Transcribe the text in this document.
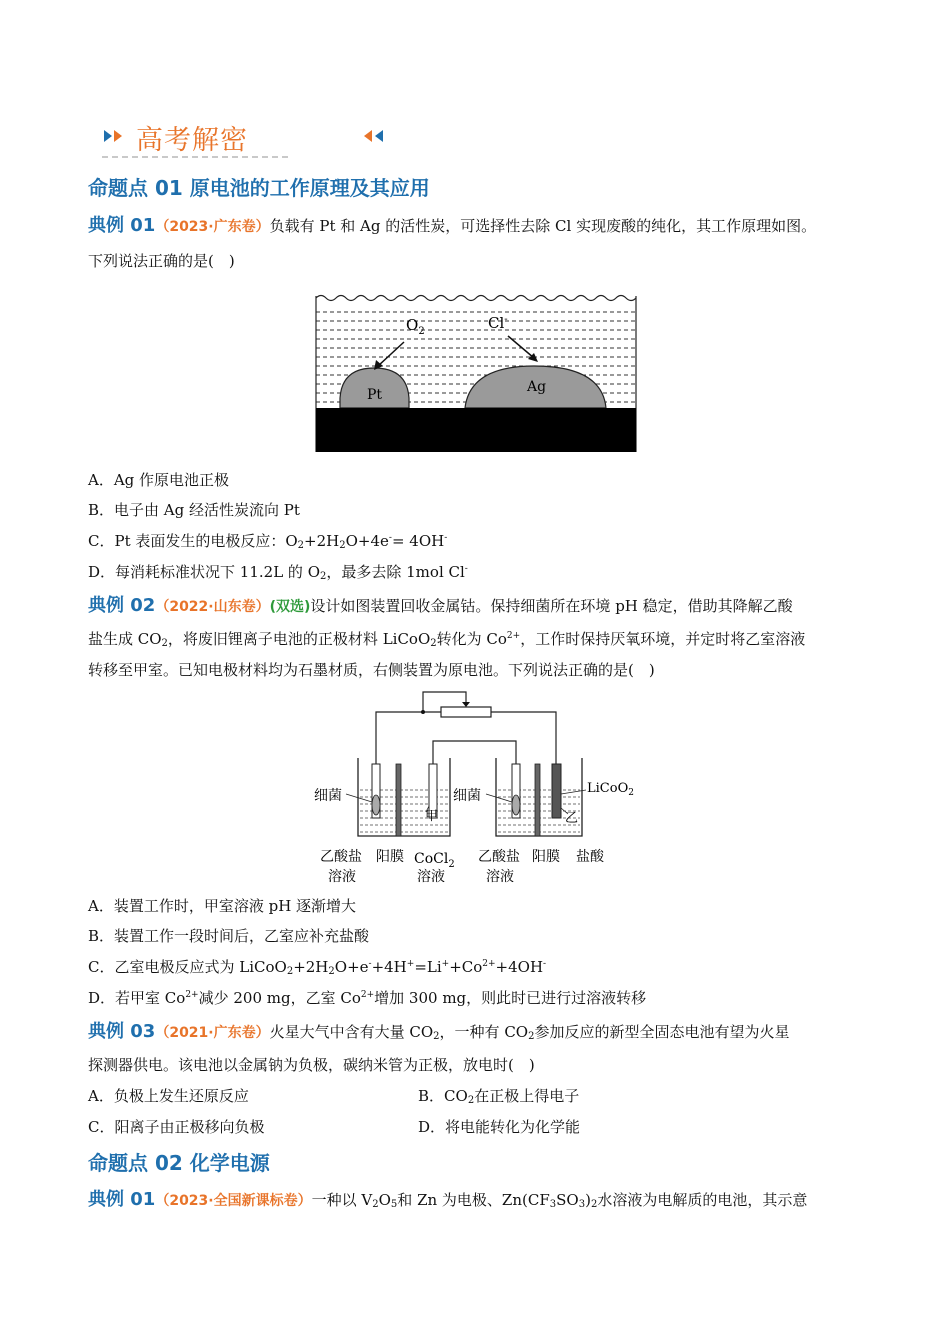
高考解密
命题点 01 原电池的工作原理及其应用
典例 01（2023·广东卷）负载有 Pt 和 Ag 的活性炭，可选择性去除 Cl 实现废酸的纯化，其工作原理如图。
下列说法正确的是(　)
$O_2$	Cl-
Pt	Ag
A．Ag 作原电池正极
B．电子由 Ag 经活性炭流向 Pt
C．Pt 表面发生的电极反应：$O_2+2H_2O+4e^-= 4OH^-$
D．每消耗标准状况下 11.2L 的 $O_2$，最多去除 1mol Cl-
典例 02（2022·山东卷）(双选)设计如图装置回收金属钴。保持细菌所在环境 pH 稳定，借助其降解乙酸
盐生成 $CO_2$，将废旧锂离子电池的正极材料 LiCoO$_2$转化为 $Co^{2+}$，工作时保持厌氧环境，并定时将乙室溶液
转移至甲室。已知电极材料均为石墨材质，右侧装置为原电池。下列说法正确的是(　)
细菌	细菌
甲	乙
LiCoO$_2$
乙酸盐
溶液
阳膜 CoCl$_2$
溶液
乙酸盐
溶液
阳膜 盐酸
A．装置工作时，甲室溶液 pH 逐渐增大
B．装置工作一段时间后，乙室应补充盐酸
C．乙室电极反应式为 $LiCoO_2+2H_2O+e^-+4H^+=Li^++Co^{2+}+4OH^-$
D．若甲室 $Co^{2+}$减少 200 mg，乙室 $Co^{2+}$增加 300 mg，则此时已进行过溶液转移
典例 03（2021·广东卷）火星大气中含有大量 $CO_2$，一种有 $CO_2$参加反应的新型全固态电池有望为火星
探测器供电。该电池以金属钠为负极，碳纳米管为正极，放电时(　)
A．负极上发生还原反应	B．$CO_2$在正极上得电子
C．阳离子由正极移向负极	D．将电能转化为化学能
命题点 02 化学电源
典例 01（2023·全国新课标卷）一种以 $V_2O_5$和 Zn 为电极、$Zn(CF_3SO_3)_2$水溶液为电解质的电池，其示意
